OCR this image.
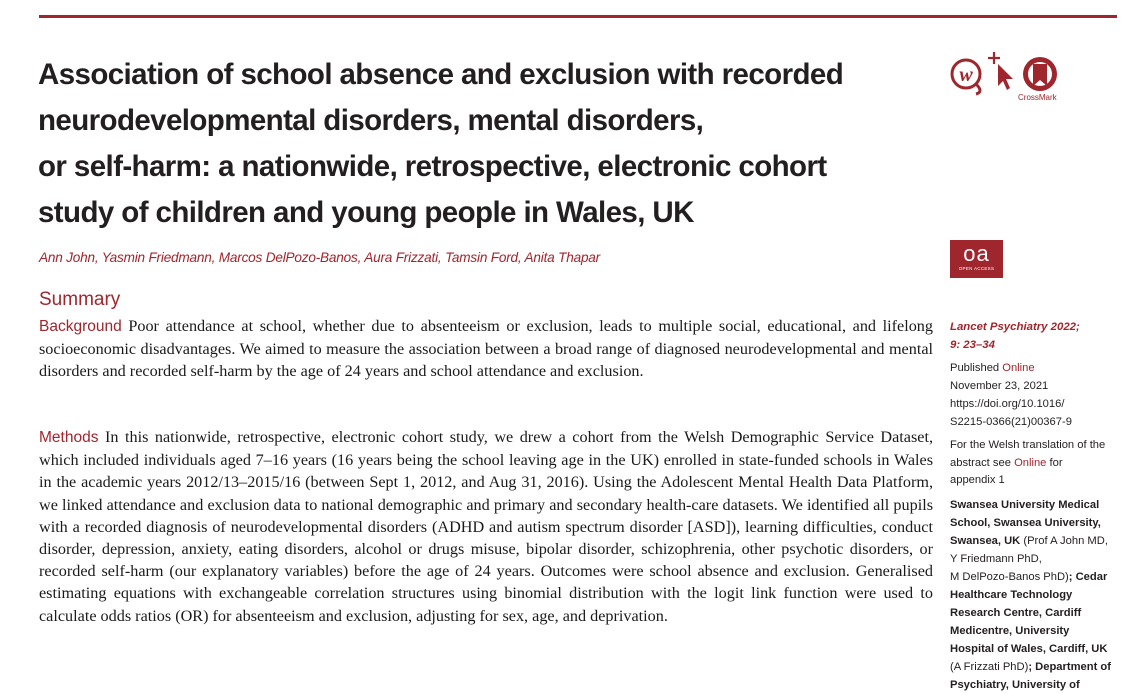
Association of school absence and exclusion with recorded
neurodevelopmental disorders, mental disorders,
or self-harm: a nationwide, retrospective, electronic cohort
study of children and young people in Wales, UK
Ann John, Yasmin Friedmann, Marcos DelPozo-Banos, Aura Frizzati, Tamsin Ford, Anita Thapar
Summary

Background Poor attendance at school, whether due to absenteeism or exclusion, leads to multiple social, educational, and lifelong socioeconomic disadvantages. We aimed to measure the association between a broad range of diagnosed neurodevelopmental and mental disorders and recorded self-harm by the age of 24 years and school attendance and exclusion.

Methods In this nationwide, retrospective, electronic cohort study, we drew a cohort from the Welsh Demographic Service Dataset, which included individuals aged 7–16 years (16 years being the school leaving age in the UK) enrolled in state-funded schools in Wales in the academic years 2012/13–2015/16 (between Sept 1, 2012, and Aug 31, 2016). Using the Adolescent Mental Health Data Platform, we linked attendance and exclusion data to national demographic and primary and secondary health-care datasets. We identified all pupils with a recorded diagnosis of neurodevelopmental disorders (ADHD and autism spectrum disorder [ASD]), learning difficulties, conduct disorder, depression, anxiety, eating disorders, alcohol or drugs misuse, bipolar disorder, schizophrenia, other psychotic disorders, or recorded self-harm (our explanatory variables) before the age of 24 years. Outcomes were school absence and exclusion. Generalised estimating equations with exchangeable correlation structures using binomial distribution with the logit link function were used to calculate odds ratios (OR) for absenteeism and exclusion, adjusting for sex, age, and deprivation.

w
CrossMark
oa
OPEN ACCESS
Lancet Psychiatry 2022;
9: 23–34
Published Online
November 23, 2021
https://doi.org/10.1016/
S2215-0366(21)00367-9
For the Welsh translation of the
abstract see Online for
appendix 1
Swansea University Medical
School, Swansea University,
Swansea, UK (Prof A John MD,
Y Friedmann PhD,
M DelPozo-Banos PhD); Cedar
Healthcare Technology
Research Centre, Cardiff
Medicentre, University
Hospital of Wales, Cardiff, UK
(A Frizzati PhD); Department of
Psychiatry, University of
